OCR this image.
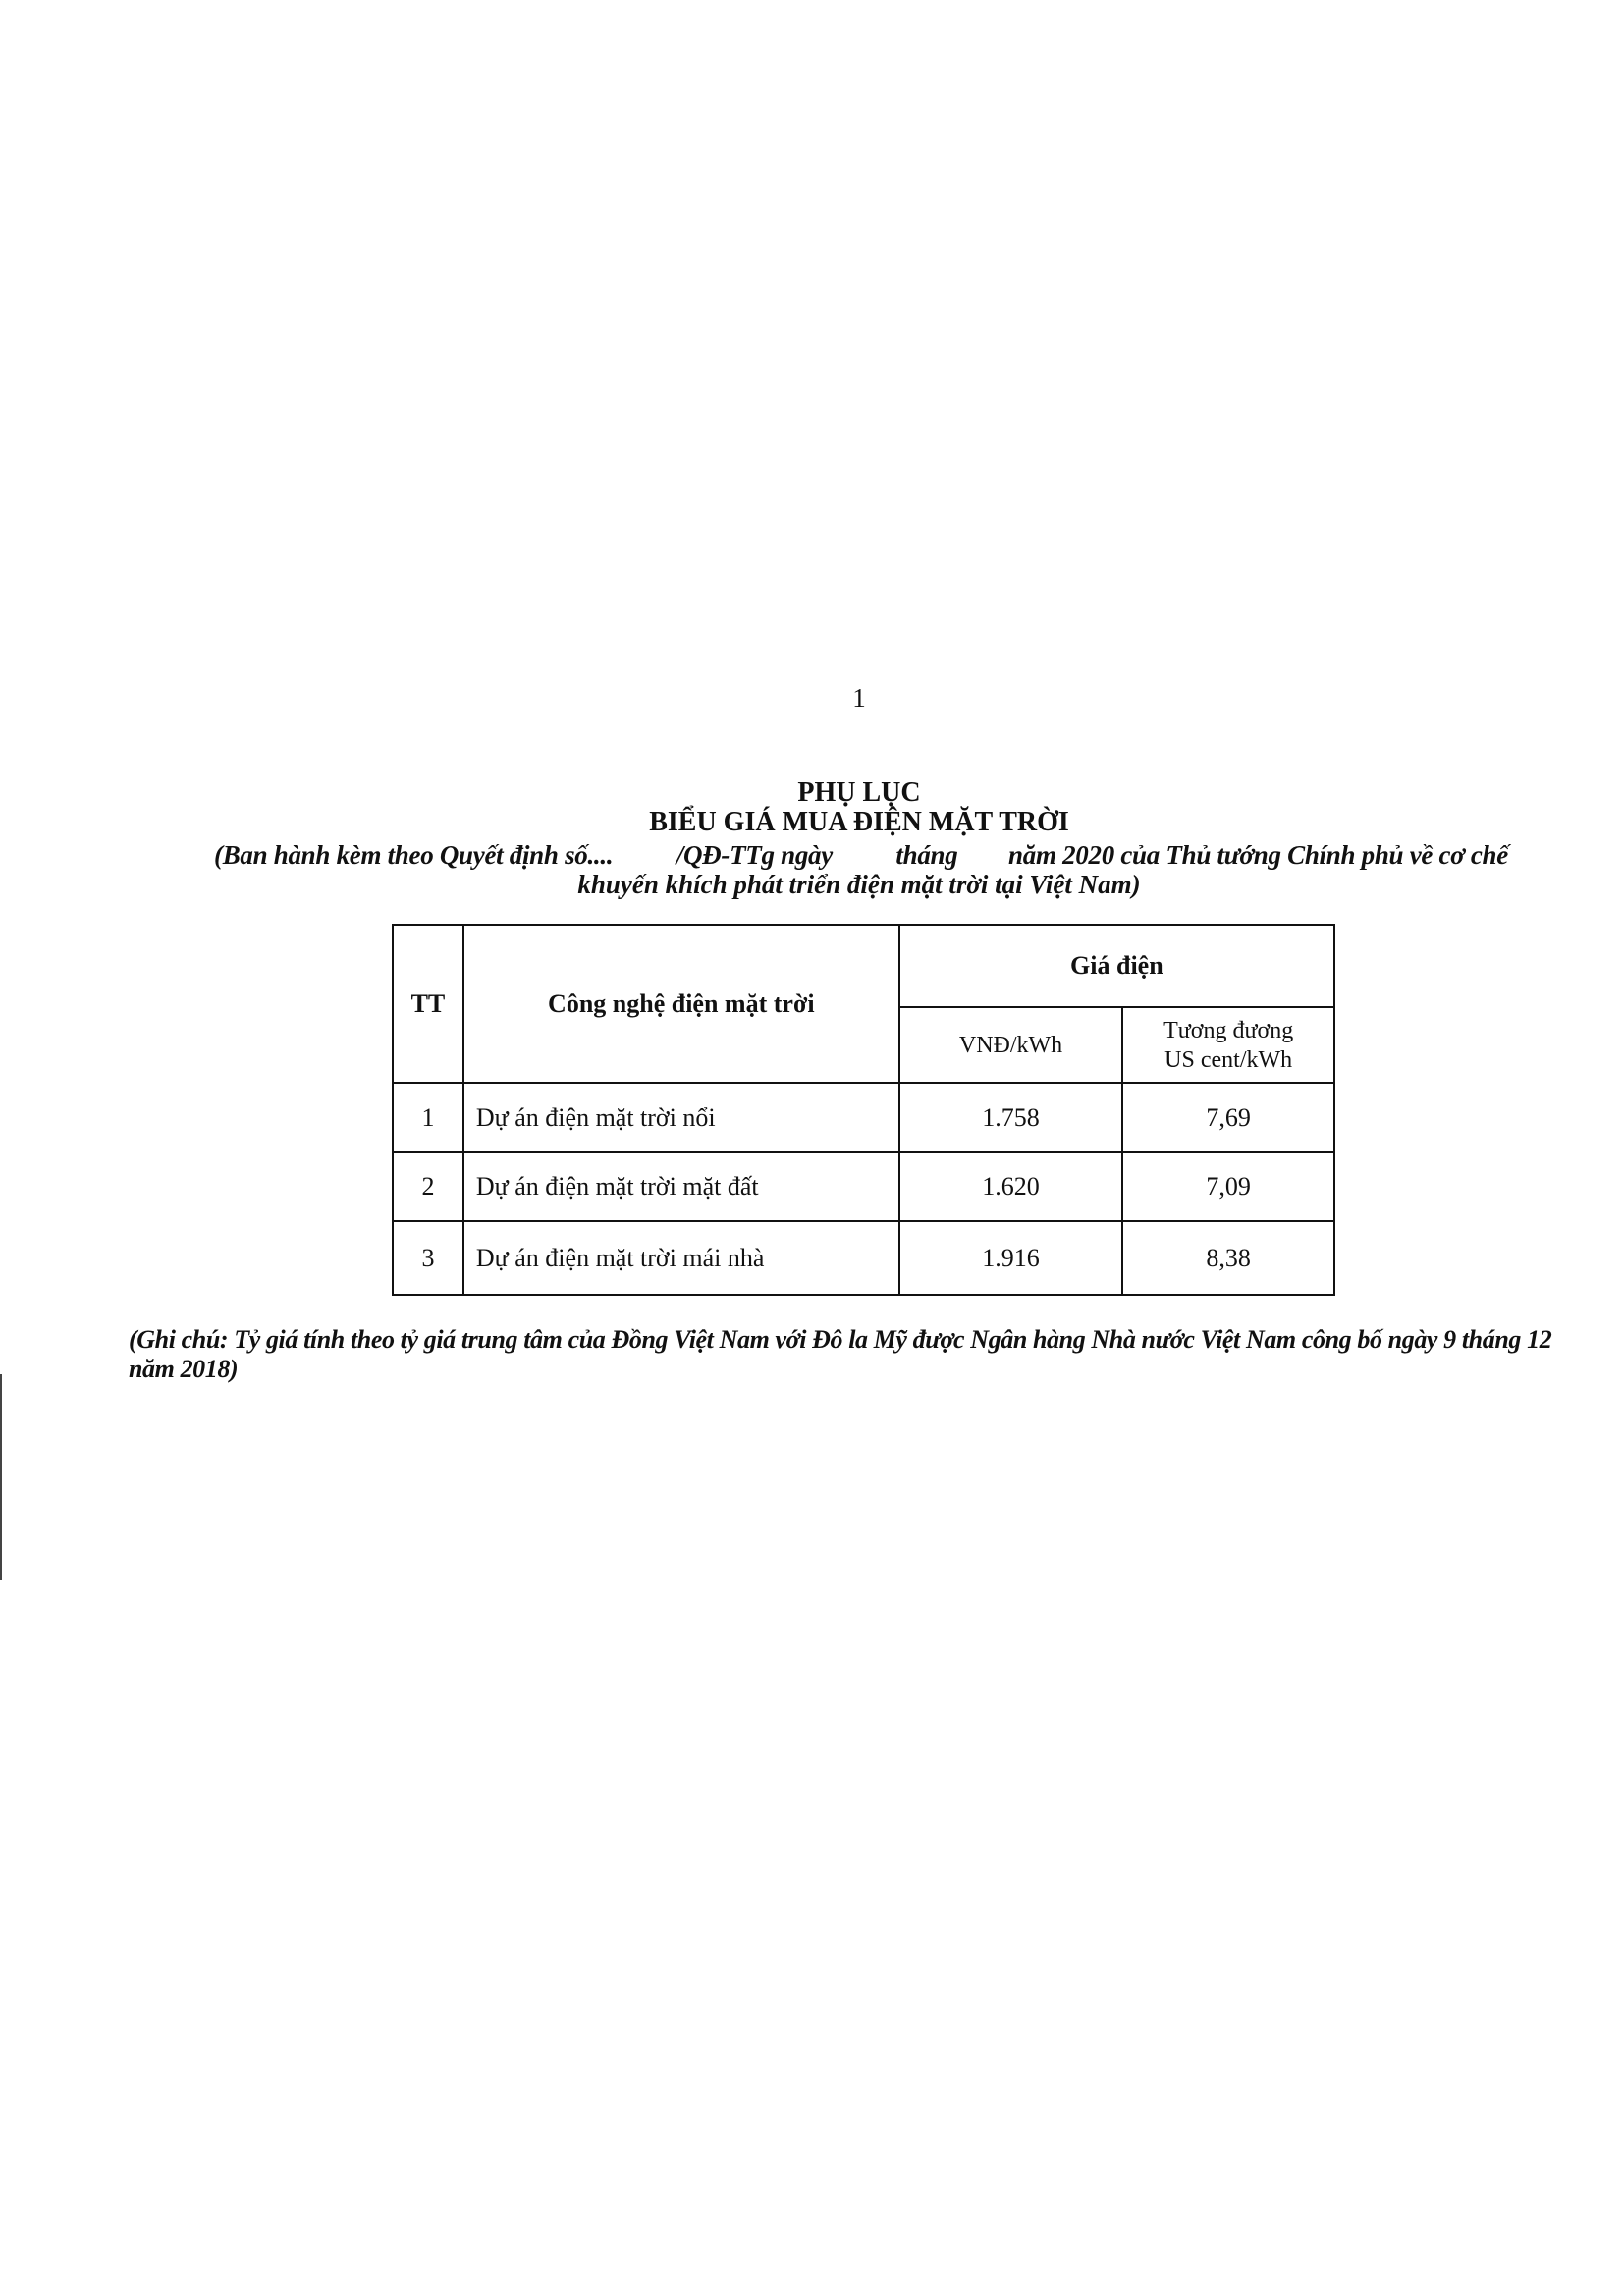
1
PHỤ LỤC
BIỂU GIÁ MUA ĐIỆN MẶT TRỜI
(Ban hành kèm theo Quyết định số....          /QĐ-TTg ngày          tháng        năm 2020 của Thủ tướng Chính phủ về cơ chế
khuyến khích phát triển điện mặt trời tại Việt Nam)
TT	Công nghệ điện mặt trời	Giá điện	
		VNĐ/kWh	Tương đương
US cent/kWh
1	Dự án điện mặt trời nổi	1.758	7,69
2	Dự án điện mặt trời mặt đất	1.620	7,09
3	Dự án điện mặt trời mái nhà	1.916	8,38
(Ghi chú: Tỷ giá tính theo tỷ giá trung tâm của Đồng Việt Nam với Đô la Mỹ được Ngân hàng Nhà nước Việt Nam công bố ngày 9 tháng 12 năm 2018)
